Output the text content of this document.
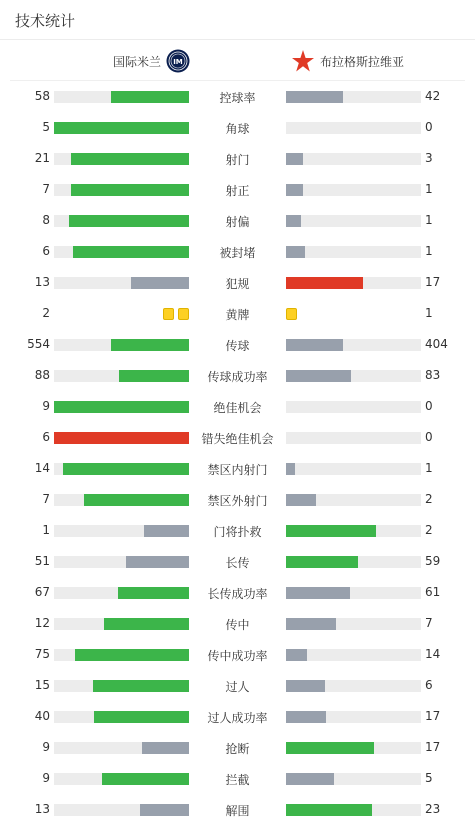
技术统计
国际米兰 IM	布拉格斯拉维亚
58	控球率	42
5	角球	0
21	射门	3
7	射正	1
8	射偏	1
6	被封堵	1
13	犯规	17
2	黄牌	1
554	传球	404
88	传球成功率	83
9	绝佳机会	0
6	错失绝佳机会	0
14	禁区内射门	1
7	禁区外射门	2
1	门将扑救	2
51	长传	59
67	长传成功率	61
12	传中	7
75	传中成功率	14
15	过人	6
40	过人成功率	17
9	抢断	17
9	拦截	5
13	解围	23
